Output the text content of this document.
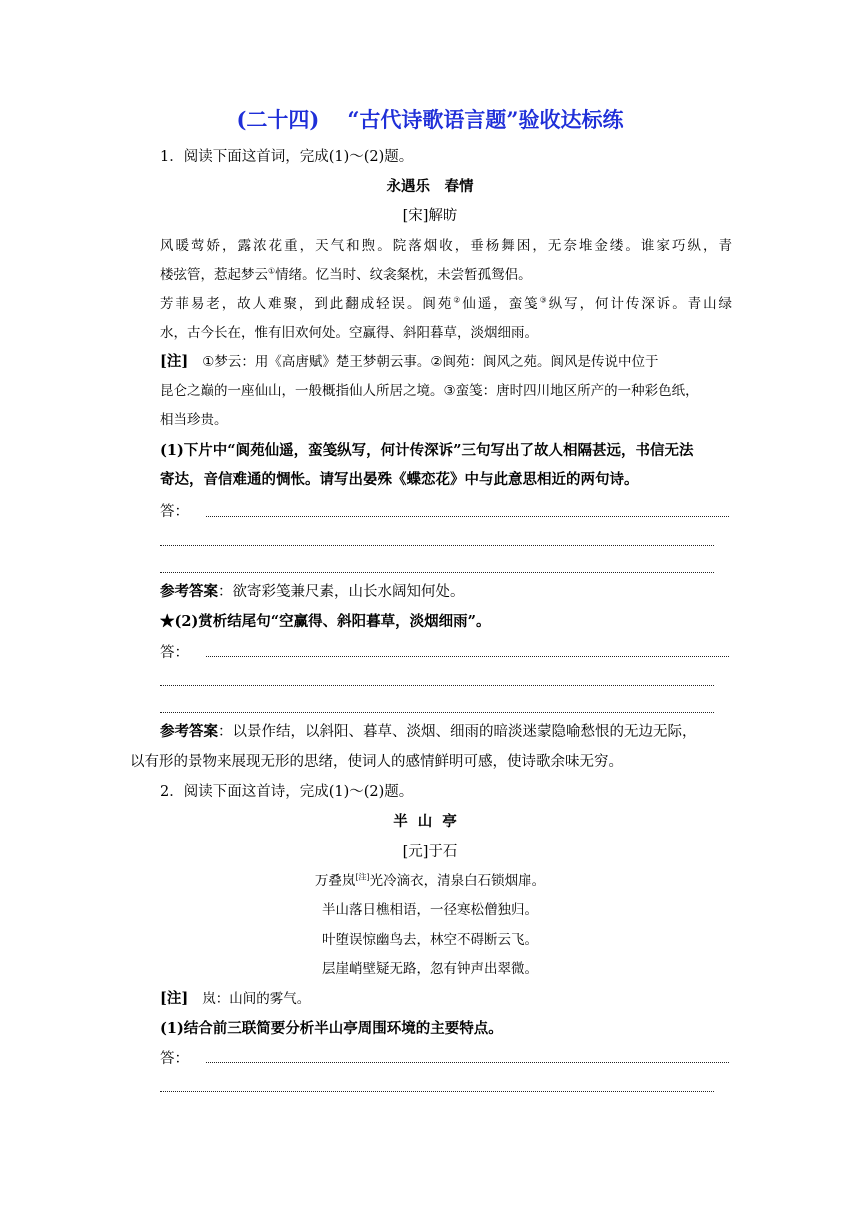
(二十四) “古代诗歌语言题”验收达标练
1．阅读下面这首词，完成(1)～(2)题。
永遇乐　春情
[宋]解昉
风暖莺娇，露浓花重，天气和煦。院落烟收，垂杨舞困，无奈堆金缕。谁家巧纵，青
楼弦管，惹起梦云①情绪。忆当时、纹衾粲枕，未尝暂孤鸳侣。
芳菲易老，故人难聚，到此翻成轻误。阆苑②仙遥，蛮笺③纵写，何计传深诉。青山绿
水，古今长在，惟有旧欢何处。空赢得、斜阳暮草，淡烟细雨。
[注] ①梦云：用《高唐赋》楚王梦朝云事。②阆苑：阆风之苑。阆风是传说中位于
昆仑之巅的一座仙山，一般概指仙人所居之境。③蛮笺：唐时四川地区所产的一种彩色纸，
相当珍贵。
(1)下片中“阆苑仙遥，蛮笺纵写，何计传深诉”三句写出了故人相隔甚远，书信无法
寄达，音信难通的惆怅。请写出晏殊《蝶恋花》中与此意思相近的两句诗。
答：
参考答案：欲寄彩笺兼尺素，山长水阔知何处。
★(2)赏析结尾句“空赢得、斜阳暮草，淡烟细雨”。
答：
参考答案：以景作结，以斜阳、暮草、淡烟、细雨的暗淡迷蒙隐喻愁恨的无边无际，
以有形的景物来展现无形的思绪，使词人的感情鲜明可感，使诗歌余味无穷。
2．阅读下面这首诗，完成(1)～(2)题。
半山亭
[元]于石
万叠岚[注]光冷滴衣，清泉白石锁烟扉。
半山落日樵相语，一径寒松僧独归。
叶堕误惊幽鸟去，林空不碍断云飞。
层崖峭壁疑无路，忽有钟声出翠微。
[注] 岚：山间的雾气。
(1)结合前三联简要分析半山亭周围环境的主要特点。
答：
